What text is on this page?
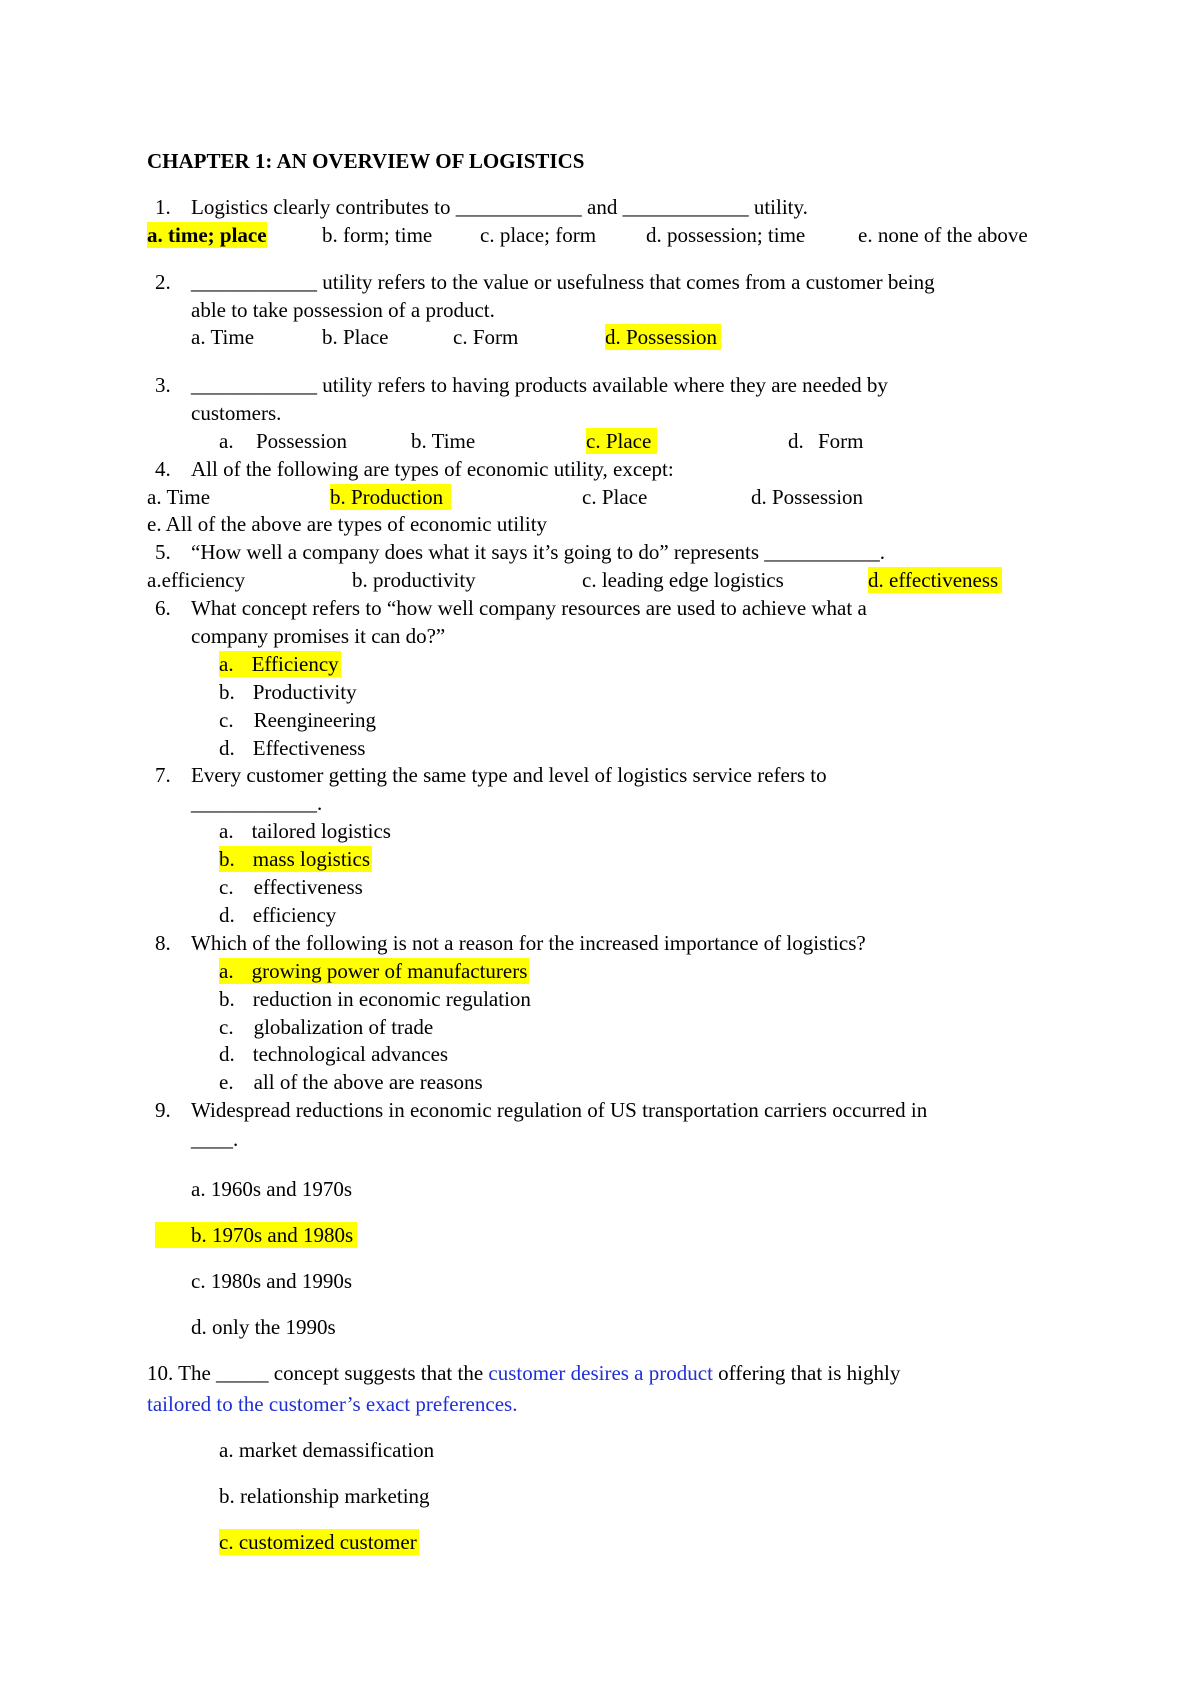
CHAPTER 1: AN OVERVIEW OF LOGISTICS
1. Logistics clearly contributes to ____________ and ____________ utility.
a. time; place	b. form; time c. place; form d. possession; time	e. none of the above
2. ____________ utility refers to the value or usefulness that comes from a customer being
able to take possession of a product.
a. Time	b. Place	c. Form	d. Possession
3. ____________ utility refers to having products available where they are needed by
customers.
a. Possession	b. Time	c. Place	d. Form
4. All of the following are types of economic utility, except:
a. Time	b. Production	c. Place	d. Possession
e. All of the above are types of economic utility
5. “How well a company does what it says it’s going to do” represents ___________.
a.efficiency	b. productivity	c. leading edge logistics	d. effectiveness
6. What concept refers to “how well company resources are used to achieve what a
company promises it can do?”
a. Efficiency
b. Productivity
c. Reengineering
d. Effectiveness
7. Every customer getting the same type and level of logistics service refers to
____________.
a. tailored logistics
b. mass logistics
c. effectiveness
d. efficiency
8. Which of the following is not a reason for the increased importance of logistics?
a. growing power of manufacturers
b. reduction in economic regulation
c. globalization of trade
d. technological advances
e. all of the above are reasons
9. Widespread reductions in economic regulation of US transportation carriers occurred in
____.
a. 1960s and 1970s
b. 1970s and 1980s
c. 1980s and 1990s
d. only the 1990s
10. The _____ concept suggests that the customer desires a product offering that is highly
tailored to the customer’s exact preferences.
a. market demassification
b. relationship marketing
c. customized customer
